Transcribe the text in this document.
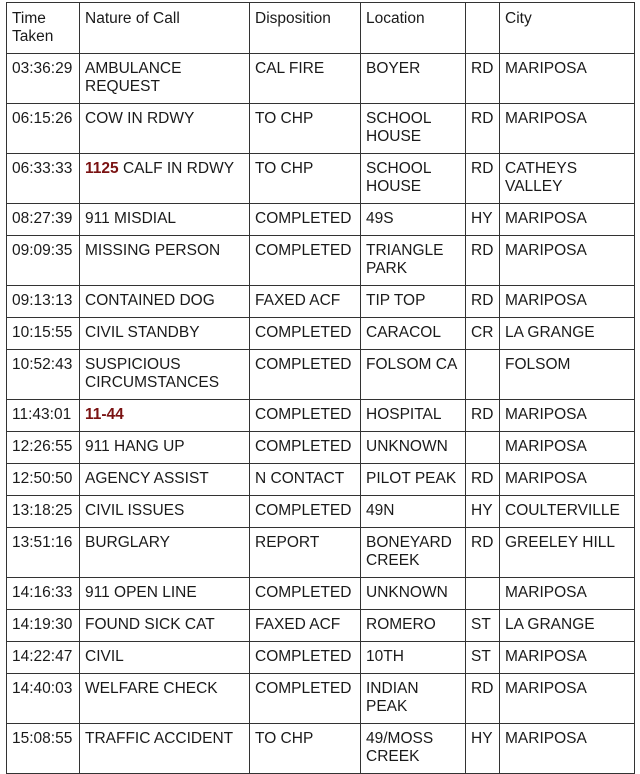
Time Taken	Nature of Call	Disposition	Location		City
03:36:29	AMBULANCE REQUEST	CAL FIRE	BOYER	RD	MARIPOSA
06:15:26	COW IN RDWY	TO CHP	SCHOOL HOUSE	RD	MARIPOSA
06:33:33	1125 CALF IN RDWY	TO CHP	SCHOOL HOUSE	RD	CATHEYS VALLEY
08:27:39	911 MISDIAL	COMPLETED	49S	HY	MARIPOSA
09:09:35	MISSING PERSON	COMPLETED	TRIANGLE PARK	RD	MARIPOSA
09:13:13	CONTAINED DOG	FAXED ACF	TIP TOP	RD	MARIPOSA
10:15:55	CIVIL STANDBY	COMPLETED	CARACOL	CR	LA GRANGE
10:52:43	SUSPICIOUS CIRCUMSTANCES	COMPLETED	FOLSOM CA		FOLSOM
11:43:01	11-44	COMPLETED	HOSPITAL	RD	MARIPOSA
12:26:55	911 HANG UP	COMPLETED	UNKNOWN		MARIPOSA
12:50:50	AGENCY ASSIST	N CONTACT	PILOT PEAK	RD	MARIPOSA
13:18:25	CIVIL ISSUES	COMPLETED	49N	HY	COULTERVILLE
13:51:16	BURGLARY	REPORT	BONEYARD CREEK	RD	GREELEY HILL
14:16:33	911 OPEN LINE	COMPLETED	UNKNOWN		MARIPOSA
14:19:30	FOUND SICK CAT	FAXED ACF	ROMERO	ST	LA GRANGE
14:22:47	CIVIL	COMPLETED	10TH	ST	MARIPOSA
14:40:03	WELFARE CHECK	COMPLETED	INDIAN PEAK	RD	MARIPOSA
15:08:55	TRAFFIC ACCIDENT	TO CHP	49/MOSS CREEK	HY	MARIPOSA
